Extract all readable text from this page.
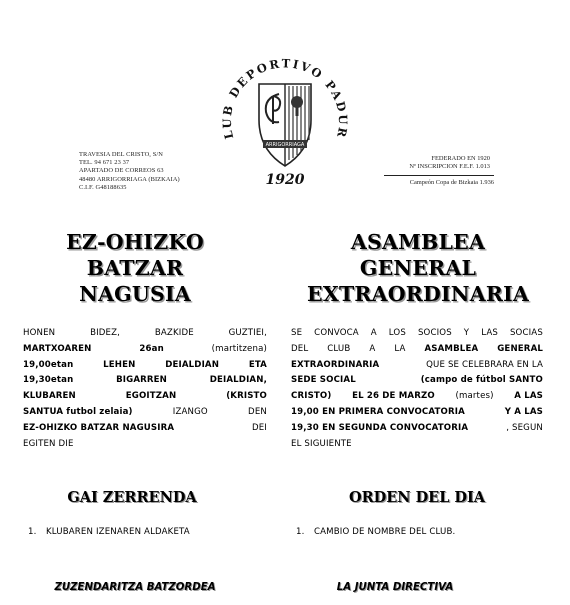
TRAVESIA DEL CRISTO, S/N
TEL. 94 671 23 37
APARTADO DE CORREOS 63
48480 ARRIGORRIAGA (BIZKAIA)
C.I.F. G48188635
LUB DEPORTIVO PADUR
ARRIGORRIAGA
1920
FEDERADO EN 1920
Nº INSCRIPCION F.E.F. 1.013
Campeón Copa de Bizkaia 1.936
EZ-OHIZKO
BATZAR
NAGUSIA
HONEN	BIDEZ,	BAZKIDE	GUZTIEI,
MARTXOAREN	26an	(martitzena)
19,00etan	LEHEN	DEIALDIAN	ETA
19,30etan	BIGARREN	DEIALDIAN,
KLUBAREN	EGOITZAN	(KRISTO
SANTUA futbol zelaia)	IZANGO	DEN
EZ-OHIZKO BATZAR NAGUSIRA	DEI
EGITEN DIE
GAI ZERRENDA
1. KLUBAREN IZENAREN ALDAKETA
ZUZENDARITZA BATZORDEA
ASAMBLEA
GENERAL
EXTRAORDINARIA
SE CONVOCA A LOS SOCIOS Y LAS SOCIAS
DEL CLUB A LA ASAMBLEA GENERAL
EXTRAORDINARIA	QUE SE CELEBRARA EN LA
SEDE SOCIAL	(campo de fútbol SANTO
CRISTO) EL 26 DE MARZO (martes) A LAS
19,00 EN PRIMERA CONVOCATORIA	Y A LAS
19,30 EN SEGUNDA CONVOCATORIA	, SEGUN
EL SIGUIENTE
ORDEN DEL DIA
1. CAMBIO DE NOMBRE DEL CLUB.
LA JUNTA DIRECTIVA
